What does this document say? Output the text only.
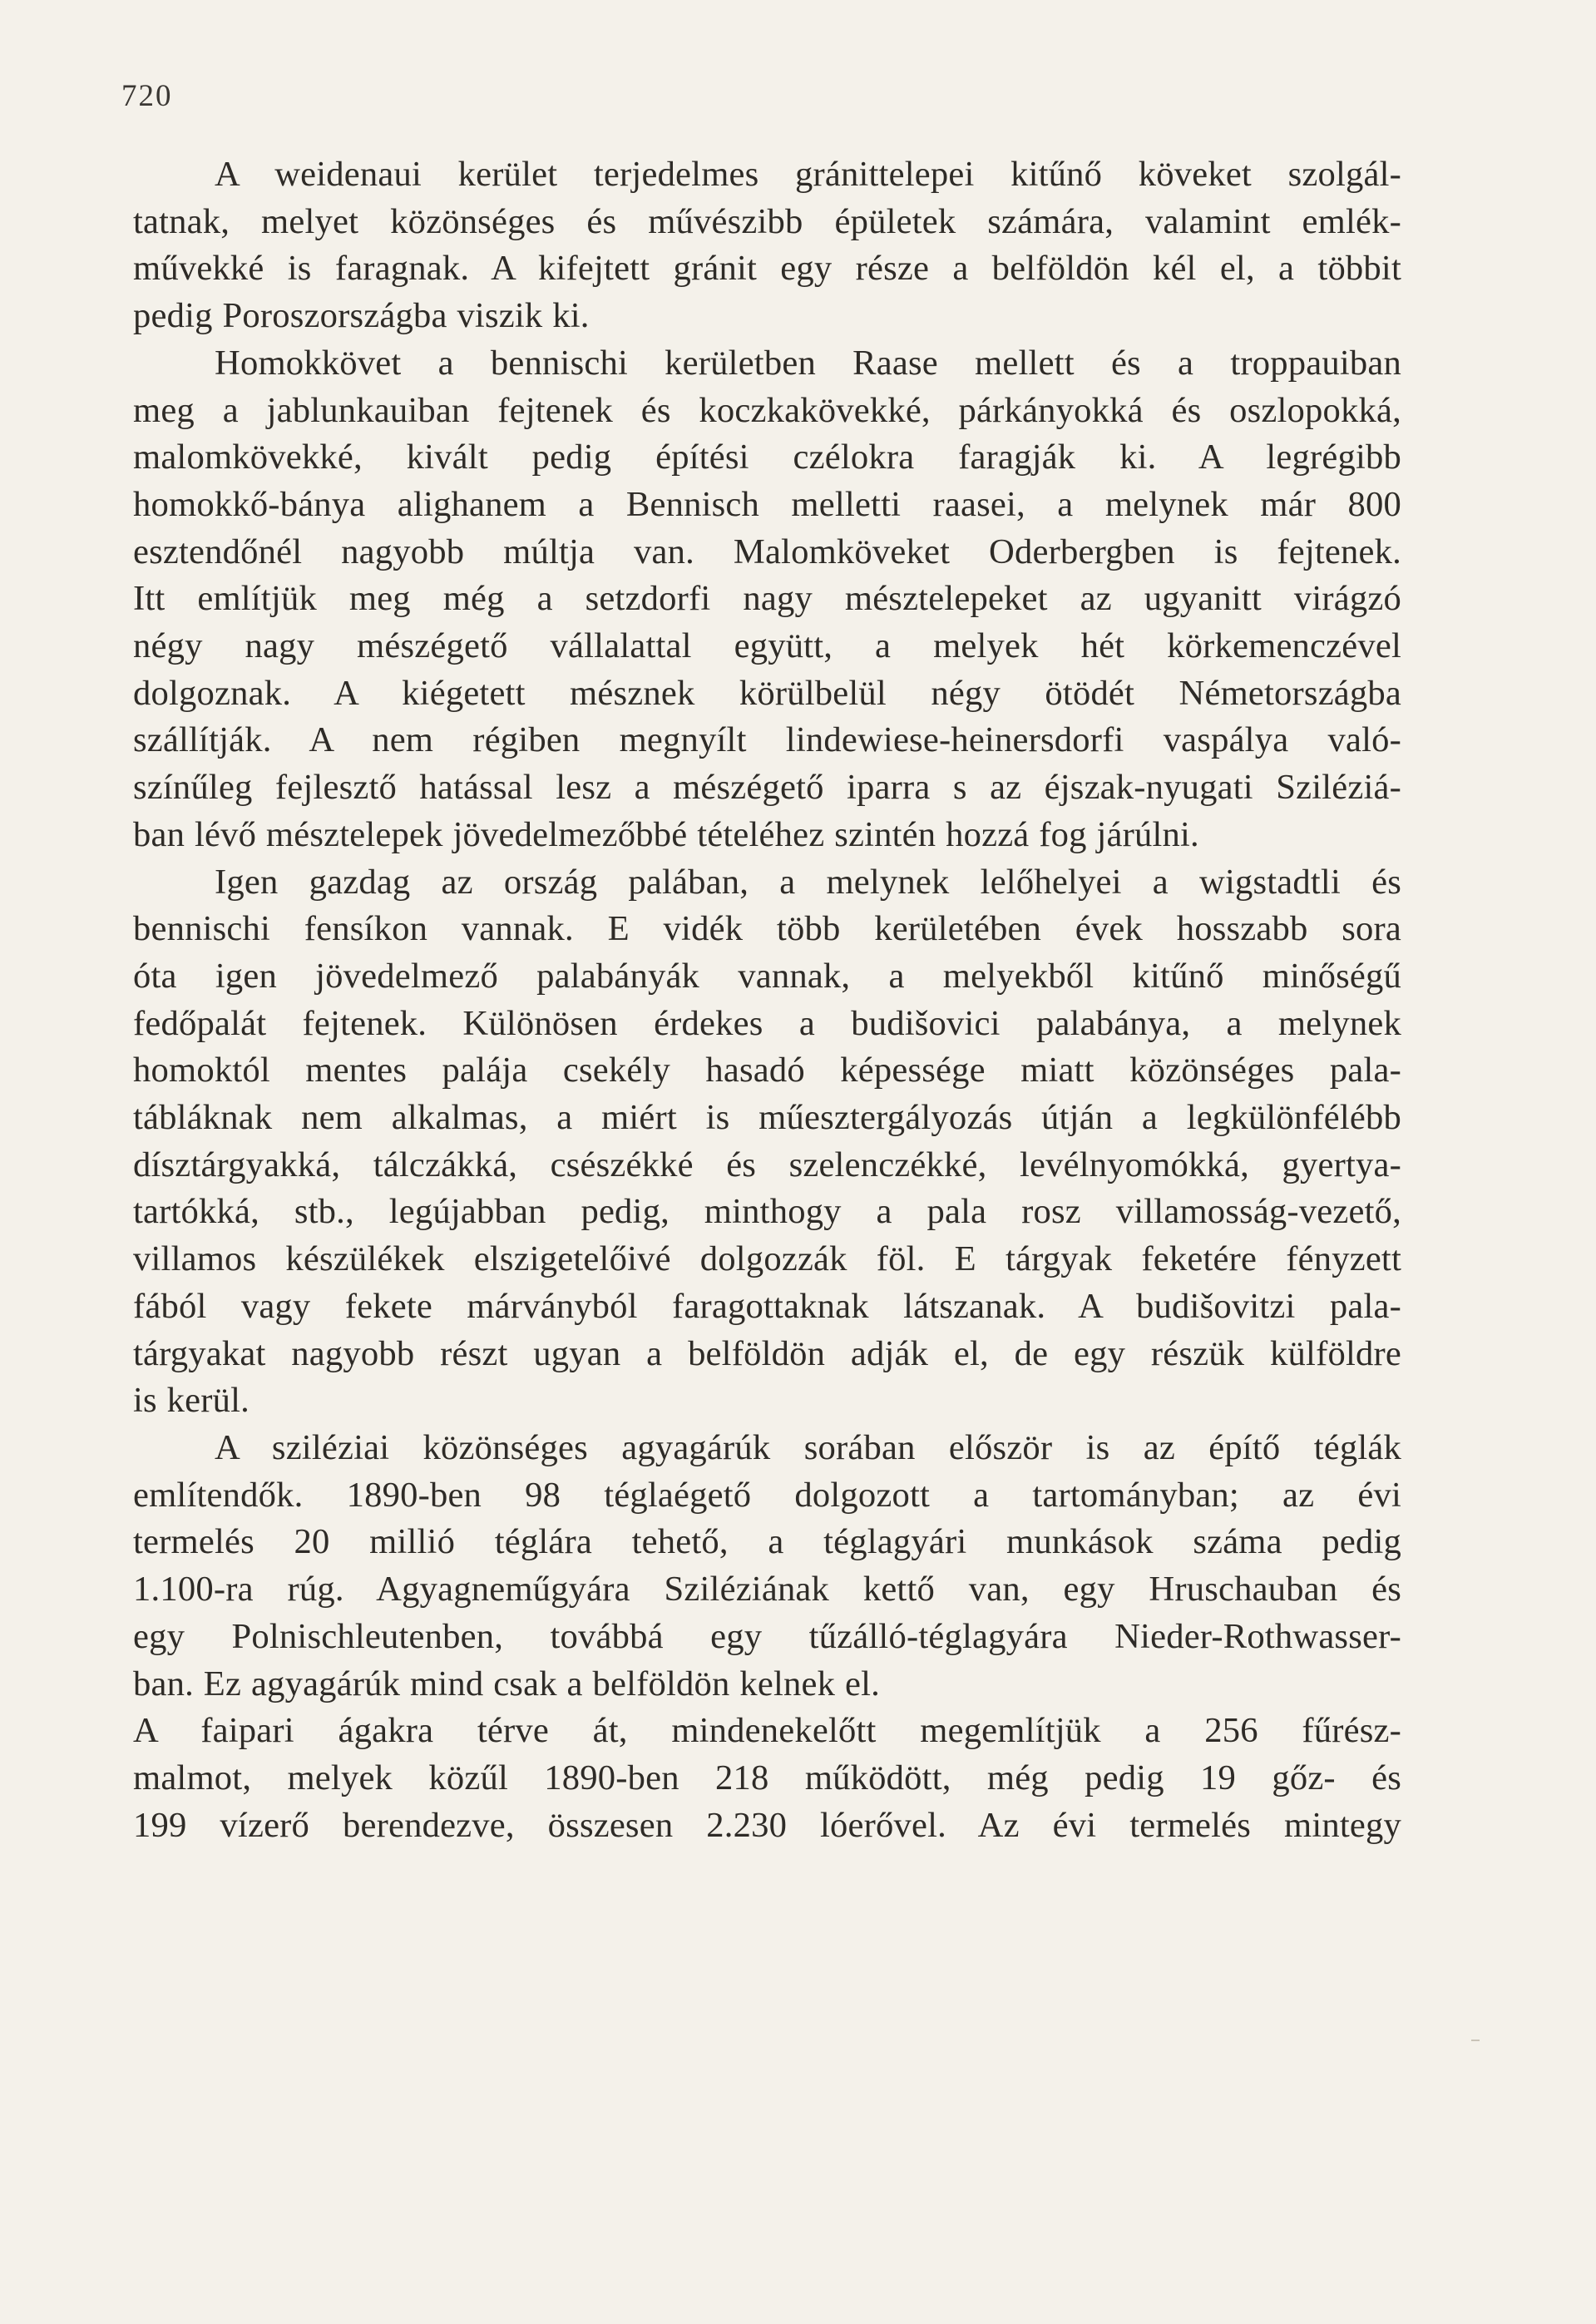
720

A weidenaui kerület terjedelmes gránittelepei kitűnő köveket szolgál-

tatnak, melyet közönséges és művészibb épületek számára, valamint emlék-

művekké is faragnak. A kifejtett gránit egy része a belföldön kél el, a többit

pedig Poroszországba viszik ki.

Homokkövet a bennischi kerületben Raase mellett és a troppauiban

meg a jablunkauiban fejtenek és koczkakövekké, párkányokká és oszlopokká,

malomkövekké, kivált pedig építési czélokra faragják ki. A legrégibb

homokkő-bánya alighanem a Bennisch melletti raasei, a melynek már 800

esztendőnél nagyobb múltja van. Malomköveket Oderbergben is fejtenek.

Itt említjük meg még a setzdorfi nagy mésztelepeket az ugyanitt virágzó

négy nagy mészégető vállalattal együtt, a melyek hét körkemenczével

dolgoznak. A kiégetett mésznek körülbelül négy ötödét Németországba

szállítják. A nem régiben megnyílt lindewiese-heinersdorfi vaspálya való-

színűleg fejlesztő hatással lesz a mészégető iparra s az éjszak-nyugati Sziléziá-

ban lévő mésztelepek jövedelmezőbbé tételéhez szintén hozzá fog járúlni.

Igen gazdag az ország palában, a melynek lelőhelyei a wigstadtli és

bennischi fensíkon vannak. E vidék több kerületében évek hosszabb sora

óta igen jövedelmező palabányák vannak, a melyekből kitűnő minőségű

fedőpalát fejtenek. Különösen érdekes a budišovici palabánya, a melynek

homoktól mentes palája csekély hasadó képessége miatt közönséges pala-

tábláknak nem alkalmas, a miért is műesztergályozás útján a legkülönfélébb

dísztárgyakká, tálczákká, csészékké és szelenczékké, levélnyomókká, gyertya-

tartókká, stb., legújabban pedig, minthogy a pala rosz villamosság-vezető,

villamos készülékek elszigetelőivé dolgozzák föl. E tárgyak feketére fényzett

fából vagy fekete márványból faragottaknak látszanak. A budišovitzi pala-

tárgyakat nagyobb részt ugyan a belföldön adják el, de egy részük külföldre

is kerül.

A sziléziai közönséges agyagárúk sorában először is az építő téglák

említendők. 1890-ben 98 téglaégető dolgozott a tartományban; az évi

termelés 20 millió téglára tehető, a téglagyári munkások száma pedig

1.100-ra rúg. Agyagneműgyára Sziléziának kettő van, egy Hruschauban és

egy Polnischleutenben, továbbá egy tűzálló-téglagyára Nieder-Rothwasser-

ban. Ez agyagárúk mind csak a belföldön kelnek el.

A faipari ágakra térve át, mindenekelőtt megemlítjük a 256 fűrész-

malmot, melyek közűl 1890-ben 218 működött, még pedig 19 gőz- és

199 vízerő berendezve, összesen 2.230 lóerővel. Az évi termelés mintegy
